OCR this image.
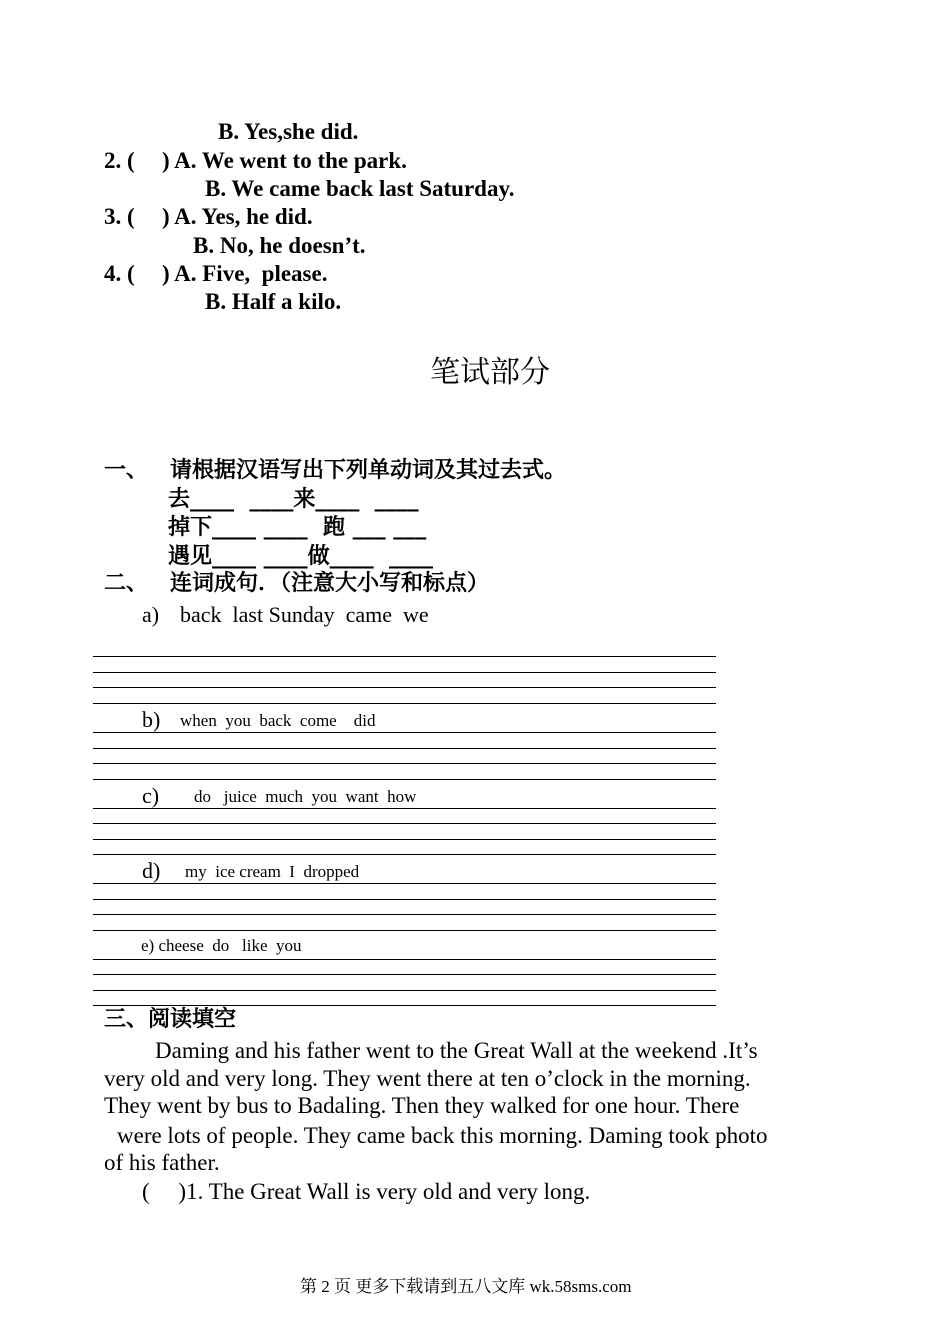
B. Yes,she did.
2. ( ) A. We went to the park.
B. We came back last Saturday.
3. ( ) A. Yes, he did.
B. No, he doesn’t.
4. ( ) A. Five,  please.
B. Half a kilo.
笔试部分
一、 请根据汉语写出下列单动词及其过去式。
去____  ____来____  ____
掉下____ ____  跑 ___ ___
遇见____ ____做____  ____
二、 连词成句．（注意大小写和标点）
a) back  last Sunday  came  we
b) when  you  back  come    did
c) do   juice  much  you  want  how
d) my  ice cream  I  dropped
e) cheese  do   like  you
三、阅读填空
Daming and his father went to the Great Wall at the weekend .It’s
very old and very long. They went there at ten o’clock in the morning.
They went by bus to Badaling. Then they walked for one hour. There
were lots of people. They came back this morning. Daming took photo
of his father.
(     )1. The Great Wall is very old and very long.
第 2 页 更多下载请到五八文库 wk.58sms.com
